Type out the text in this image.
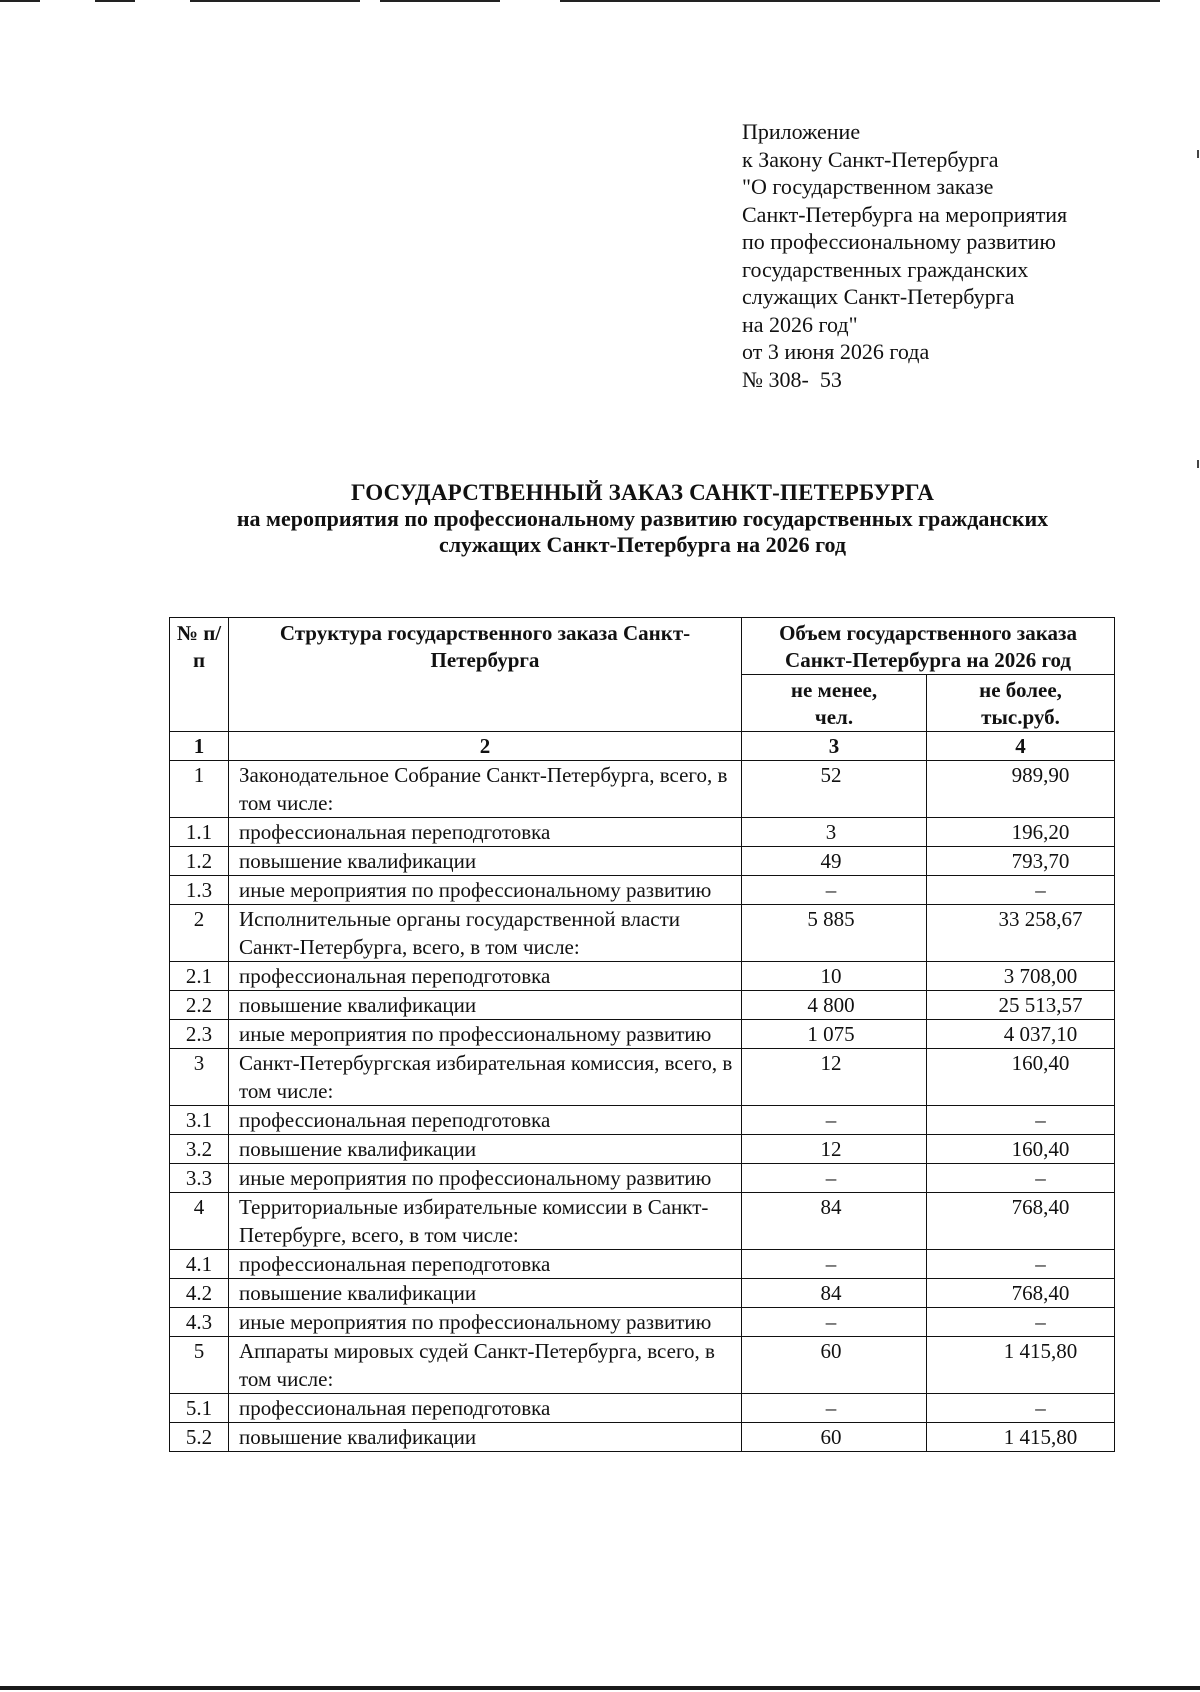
Приложение
к Закону Санкт-Петербурга
"О государственном заказе
Санкт-Петербурга на мероприятия
по профессиональному развитию
государственных гражданских
служащих Санкт-Петербурга
на 2026 год"
от 3 июня 2026 года
№ 308-  53
ГОСУДАРСТВЕННЫЙ ЗАКАЗ САНКТ-ПЕТЕРБУРГА
на мероприятия по профессиональному развитию государственных гражданских
служащих Санкт-Петербурга на 2026 год
№ п/п	Структура государственного заказа Санкт-Петербурга	Объем государственного заказа Санкт-Петербурга на 2026 год	
		не менее, чел.	не более, тыс.руб.
1	2	3	4
1	Законодательное Собрание Санкт-Петербурга, всего, в том числе:	52	989,90
1.1	профессиональная переподготовка	3	196,20
1.2	повышение квалификации	49	793,70
1.3	иные мероприятия по профессиональному развитию	–	–
2	Исполнительные органы государственной власти Санкт-Петербурга, всего, в том числе:	5 885	33 258,67
2.1	профессиональная переподготовка	10	3 708,00
2.2	повышение квалификации	4 800	25 513,57
2.3	иные мероприятия по профессиональному развитию	1 075	4 037,10
3	Санкт-Петербургская избирательная комиссия, всего, в том числе:	12	160,40
3.1	профессиональная переподготовка	–	–
3.2	повышение квалификации	12	160,40
3.3	иные мероприятия по профессиональному развитию	–	–
4	Территориальные избирательные комиссии в Санкт-Петербурге, всего, в том числе:	84	768,40
4.1	профессиональная переподготовка	–	–
4.2	повышение квалификации	84	768,40
4.3	иные мероприятия по профессиональному развитию	–	–
5	Аппараты мировых судей Санкт-Петербурга, всего, в том числе:	60	1 415,80
5.1	профессиональная переподготовка	–	–
5.2	повышение квалификации	60	1 415,80
